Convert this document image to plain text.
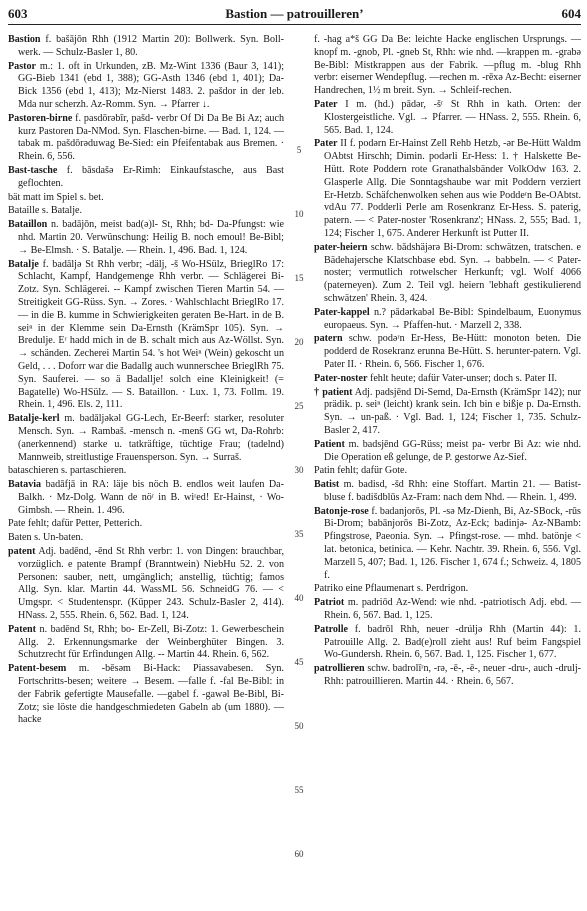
603	Bastion — patrouilleren’	604

Bastion f. bašājōn Rhh (1912 Martin 20): Bollwerk. Syn. Boll-werk. — Schulz-Basler 1, 80.

Pastor m.: 1. oft in Urkunden, zB. Mz-Wint 1336 (Baur 3, 141); GG-Bieb 1341 (ebd 1, 388); GG-Asth 1346 (ebd 1, 401); Da-Bick 1356 (ebd 1, 413); Mz-Nierst 1483. 2. pašdor in der leb. Mda nur scherzh. Az-Romm. Syn. → Pfarrer ↓.

Pastoren-birne f. pasdōrəbīr, pašd- verbr Of Di Da Be Bi Az; auch kurz Pastoren Da-NMod. Syn. Flaschen-birne. — Bad. 1, 124. —tabak m. pašdōrəduwag Be-Sied: ein Pfeifentabak aus Bremen. · Rhein. 6, 556.

Bast-tasche f. bāsdašə Er-Rimh: Einkaufstasche, aus Bast geflochten.

bät matt im Spiel s. bet.

Bataille s. Batalje.

Bataillon n. badājōn, meist bad(ə)l- St, Rhh; bd- Da-Pfungst: wie nhd. Martin 20. Verwünschung: Heilig B. noch emoul! Be-Bibl; → Be-Elmsh. · S. Batalje. — Rhein. 1, 496. Bad. 1, 124.

Batalje f. badāljə St Rhh verbr; -dälj, -š Wo-HSülz, BrieglRo 17: Schlacht, Kampf, Handgemenge Rhh verbr. — Schlägerei Bi-Zotz. Syn. Schlägerei. -- Kampf zwischen Tieren Martin 54. — Streitigkeit GG-Rüss. Syn. → Zores. · Wahlschlacht BrieglRo 17. — in die B. kumme in Schwierigkeiten geraten Be-Hart. in de B. seiⁿ in der Klemme sein Da-Ernsth (KrämSpr 105). Syn. → Bredulje. Eʳ hadd mich in de B. schalt mich aus Az-Wöllst. Syn. → schänden. Zecherei Martin 54. 's hot Weiⁿ (Wein) gekoscht un Geld, . . . Doforr war die Badallg auch wunnerschee BrieglRh 75. Syn. Sauferei. — so ä Badallje! solch eine Kleinigkeit! (= Bagatelle) Wo-HSülz. — S. Bataillon. · Lux. 1, 73. Follm. 19. Rhein. 1, 496. Els. 2, 111.

Batalje-kerl m. badāljəkəl GG-Lech, Er-Beerf: starker, resoluter Mensch. Syn. → Rambaš. -mensch n. -menš GG wt, Da-Rohrb: (anerkennend) starke u. tatkräftige, tüchtige Frau; (tadelnd) Mannweib, streitlustige Frauensperson. Syn. → Surraš.

bataschieren s. partaschieren.

Batavia badāfjā in RA: läje bis nöch B. endlos weit laufen Da-Balkh. · Mz-Dolg. Wann de nöʳ in B. wiʳed! Er-Hainst, · Wo-Gimbsh. — Rhein. 1. 496.

Pate fehlt; dafür Petter, Petterich.

Baten s. Un-baten.

patent Adj. badēnd, -ēnd St Rhh verbr: 1. von Dingen: brauchbar, vorzüglich. e patente Brampf (Branntwein) NiebHu 52. 2. von Personen: sauber, nett, umgänglich; anstellig, tüchtig; famos Allg. Syn. klar. Martin 44. WassML 56. SchneidG 76. — < Umgspr. < Studentenspr. (Küpper 243. Schulz-Basler 2, 414). HNass. 2, 555. Rhein. 6, 562. Bad. 1, 124.

Patent n. badēnd St, Rhh; bo- Er-Zell, Bi-Zotz: 1. Gewerbeschein Allg. 2. Erkennungsmarke der Weinberghüter Bingen. 3. Schutzrecht für Erfindungen Allg. -- Martin 44. Rhein. 6, 562.

Patent-besem m. -bēsəm Bi-Hack: Piassavabesen. Syn. Fortschritts-besen; weitere → Besem. —falle f. -fal Be-Bibl: in der Fabrik gefertigte Mausefalle. —gabel f. -gawəl Be-Bibl, Bi-Zotz; sie löste die handgeschmiedeten Gabeln ab (um 1880). —hacke

5
10
15
20
25
30
35
40
45
50
55
60

f. -hag a*š GG Da Be: leichte Hacke englischen Ursprungs. —knopf m. -gnob, Pl. -gneb St, Rhh: wie nhd. —krappen m. -grabə Be-Bibl: Mistkrappen aus der Fabrik. —pflug m. -blug Rhh verbr: eiserner Wendepflug. —rechen m. -rēxə Az-Becht: eiserner Handrechen, 1½ m breit. Syn. → Schleif-rechen.

Pater I m. (hd.) pādər, -šʳ St Rhh in kath. Orten: der Klostergeistliche. Vgl. → Pfarrer. — HNass. 2, 555. Rhein. 6, 565. Bad. 1, 124.

Pater II f. podərn Er-Hainst Zell Rehb Hetzb, -ər Be-Hütt Waldm OAbtst Hirschh; Dimin. podərli Er-Hess: 1. † Halskette Be-Hütt. Rote Poddern rote Granathalsbänder VolkOdw 163. 2. Glasperle Allg. Die Sonntagshaube war mit Poddern verziert Er-Hetzb. Schäfchenwolken sehen aus wie Poddeʳn Be-OAbtst. vdAu 77. Podderli Perle am Rosenkranz Er-Hess. S. paterig, patern. — < Pater-noster 'Rosenkranz'; HNass. 2, 555; Bad. 1, 124; Fischer 1, 675. Anderer Herkunft ist Putter II.

pater-heiern schw. bādshäjərə Bi-Drom: schwätzen, tratschen. e Bädehajersche Klatschbase ebd. Syn. → babbeln. — < Pater-noster; vermutlich rotwelscher Herkunft; vgl. Wolf 4066 (paterneyen). Zum 2. Teil vgl. heiern 'lebhaft gestikulierend schwätzen' Rhein. 3, 424.

Pater-kappel n.? pādərkabəl Be-Bibl: Spindelbaum, Euonymus europaeus. Syn. → Pfaffen-hut. · Marzell 2, 338.

patern schw. podəʳn Er-Hess, Be-Hütt: monoton beten. Die podderd de Rosekranz erunna Be-Hütt. S. herunter-patern. Vgl. Pater II. · Rhein. 6, 566. Fischer 1, 676.

Pater-noster fehlt heute; dafür Vater-unser; doch s. Pater II.

† patient Adj. padsjēnd Di-Semd, Da-Ernsth (KrämSpr 142); nur prädik. p. seiⁿ (leicht) krank sein. Ich bin e bißje p. Da-Ernsth. Syn. → un-paß. · Vgl. Bad. 1, 124; Fischer 1, 735. Schulz-Basler 2, 417.

Patient m. badsjēnd GG-Rüss; meist pa- verbr Bi Az: wie nhd. Die Operation eß gelunge, de P. gestorwe Az-Sief.

Patin fehlt; dafür Gote.

Batist m. badisd, -šd Rhh: eine Stoffart. Martin 21. — Batist-bluse f. badišdblūs Az-Fram: nach dem Nhd. — Rhein. 1, 499.

Batonje-rose f. badanjorōs, Pl. -sə Mz-Dienh, Bi, Az-SBock, -rūs Bi-Drom; babānjorōs Bi-Zotz, Az-Eck; badinjə- Az-NBamb: Pfingstrose, Paeonia. Syn. → Pfingst-rose. — mhd. batönje < lat. betonica, betinica. — Kehr. Nachtr. 39. Rhein. 6, 556. Vgl. Marzell 5, 407; Bad. 1, 126. Fischer 1, 674 f.; Schweiz. 4, 1805 f.

Patriko eine Pflaumenart s. Perdrigon.

Patriot m. padriōd Az-Wend: wie nhd. -patriotisch Adj. ebd. — Rhein. 6, 567. Bad. 1, 125.

Patrolle f. badrōl Rhh, neuer -drúljə Rhh (Martin 44): 1. Patrouille Allg. 2. Bad(e)roll zieht aus! Ruf beim Fangspiel Wo-Gundersh. Rhein. 6, 567. Bad. 1, 125. Fischer 1, 677.

patrollieren schw. badrolīʳn, -rə, -ē-, -ē-, neuer -dru-, auch -drulj- Rhh: patrouillieren. Martin 44. · Rhein. 6, 567.
